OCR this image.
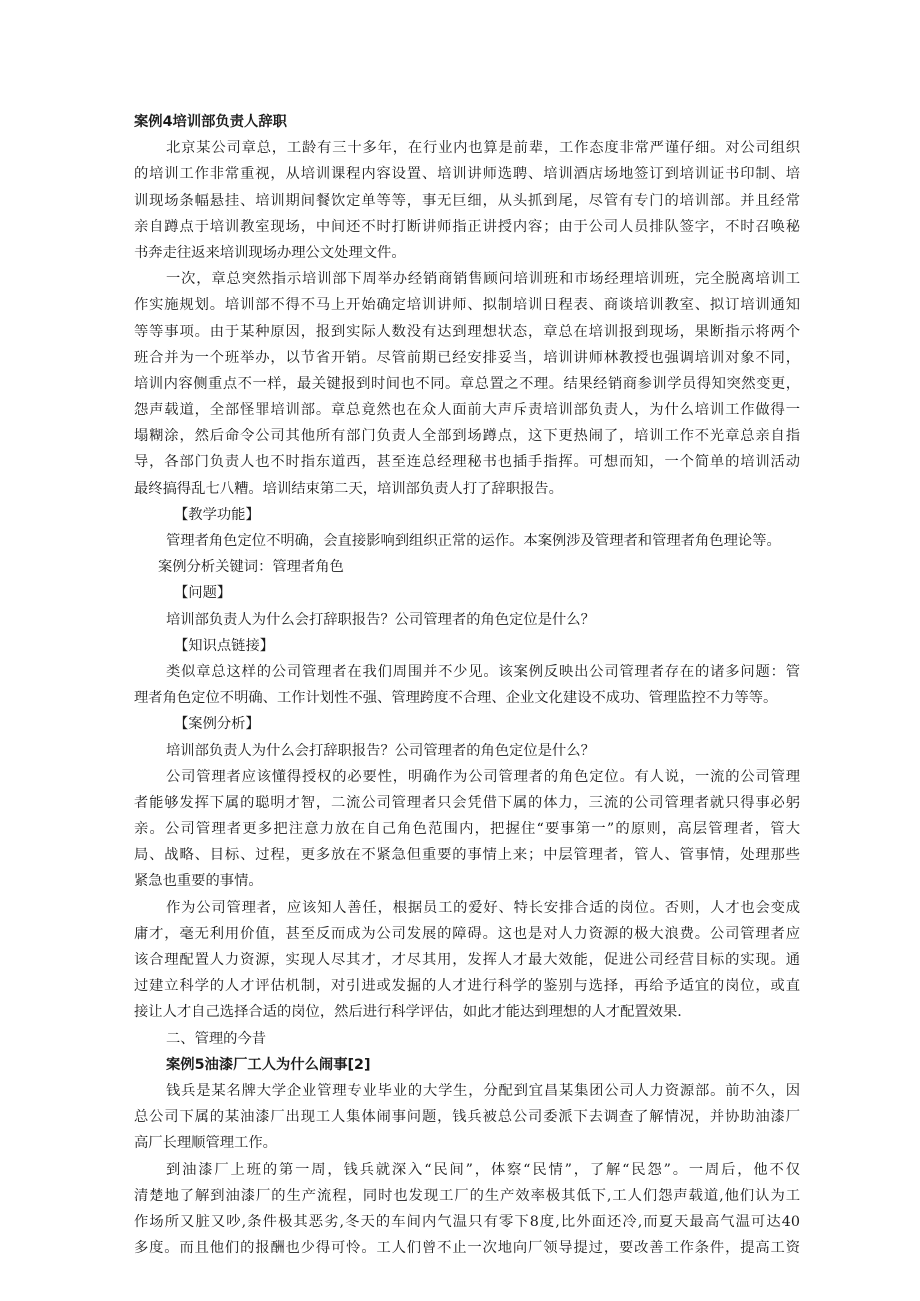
案例4培训部负责人辞职
北京某公司章总，工龄有三十多年，在行业内也算是前辈，工作态度非常严谨仔细。对公司组织
的培训工作非常重视，从培训课程内容设置、培训讲师选聘、培训酒店场地签订到培训证书印制、培
训现场条幅悬挂、培训期间餐饮定单等等，事无巨细，从头抓到尾，尽管有专门的培训部。并且经常
亲自蹲点于培训教室现场，中间还不时打断讲师指正讲授内容；由于公司人员排队签字，不时召唤秘
书奔走往返来培训现场办理公文处理文件。
一次，章总突然指示培训部下周举办经销商销售顾问培训班和市场经理培训班，完全脱离培训工
作实施规划。培训部不得不马上开始确定培训讲师、拟制培训日程表、商谈培训教室、拟订培训通知
等等事项。由于某种原因，报到实际人数没有达到理想状态，章总在培训报到现场，果断指示将两个
班合并为一个班举办，以节省开销。尽管前期已经安排妥当，培训讲师林教授也强调培训对象不同，
培训内容侧重点不一样，最关键报到时间也不同。章总置之不理。结果经销商参训学员得知突然变更，
怨声载道，全部怪罪培训部。章总竟然也在众人面前大声斥责培训部负责人，为什么培训工作做得一
塌糊涂，然后命令公司其他所有部门负责人全部到场蹲点，这下更热闹了，培训工作不光章总亲自指
导，各部门负责人也不时指东道西，甚至连总经理秘书也插手指挥。可想而知，一个简单的培训活动
最终搞得乱七八糟。培训结束第二天，培训部负责人打了辞职报告。
【教学功能】
管理者角色定位不明确，会直接影响到组织正常的运作。本案例涉及管理者和管理者角色理论等。
案例分析关键词：管理者角色
【问题】
培训部负责人为什么会打辞职报告？公司管理者的角色定位是什么？
【知识点链接】
类似章总这样的公司管理者在我们周围并不少见。该案例反映出公司管理者存在的诸多问题：管
理者角色定位不明确、工作计划性不强、管理跨度不合理、企业文化建设不成功、管理监控不力等等。
【案例分析】
培训部负责人为什么会打辞职报告？公司管理者的角色定位是什么？
公司管理者应该懂得授权的必要性，明确作为公司管理者的角色定位。有人说，一流的公司管理
者能够发挥下属的聪明才智，二流公司管理者只会凭借下属的体力，三流的公司管理者就只得事必躬
亲。公司管理者更多把注意力放在自己角色范围内，把握住“要事第一”的原则，高层管理者，管大
局、战略、目标、过程，更多放在不紧急但重要的事情上来；中层管理者，管人、管事情，处理那些
紧急也重要的事情。
作为公司管理者，应该知人善任，根据员工的爱好、特长安排合适的岗位。否则，人才也会变成
庸才，毫无利用价值，甚至反而成为公司发展的障碍。这也是对人力资源的极大浪费。公司管理者应
该合理配置人力资源，实现人尽其才，才尽其用，发挥人才最大效能，促进公司经营目标的实现。通
过建立科学的人才评估机制，对引进或发掘的人才进行科学的鉴别与选择，再给予适宜的岗位，或直
接让人才自己选择合适的岗位，然后进行科学评估，如此才能达到理想的人才配置效果.
二、管理的今昔
案例5油漆厂工人为什么闹事[2]
钱兵是某名牌大学企业管理专业毕业的大学生，分配到宜昌某集团公司人力资源部。前不久，因
总公司下属的某油漆厂出现工人集体闹事问题，钱兵被总公司委派下去调查了解情况，并协助油漆厂
高厂长理顺管理工作。
到油漆厂上班的第一周，钱兵就深入“民间”，体察“民情”，了解“民怨”。一周后，他不仅
清楚地了解到油漆厂的生产流程，同时也发现工厂的生产效率极其低下,工人们怨声载道,他们认为工
作场所又脏又吵,条件极其恶劣,冬天的车间内气温只有零下8度,比外面还冷,而夏天最高气温可达40
多度。而且他们的报酬也少得可怜。工人们曾不止一次地向厂领导提过，要改善工作条件，提高工资
